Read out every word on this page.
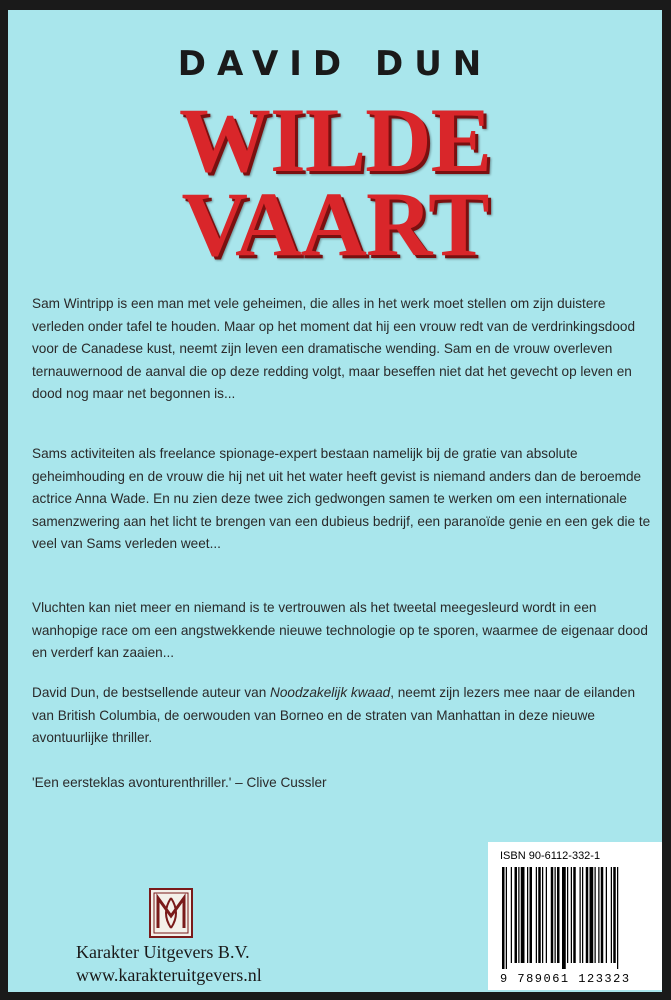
DAVID DUN
WILDE
VAART
Sam Wintripp is een man met vele geheimen, die alles in het werk moet stellen om zijn duistere verleden onder tafel te houden. Maar op het moment dat hij een vrouw redt van de verdrinkingsdood voor de Canadese kust, neemt zijn leven een dramatische wending. Sam en de vrouw overleven ternauwernood de aanval die op deze redding volgt, maar beseffen niet dat het gevecht op leven en dood nog maar net begonnen is...
Sams activiteiten als freelance spionage-expert bestaan namelijk bij de gratie van absolute geheimhouding en de vrouw die hij net uit het water heeft gevist is niemand anders dan de beroemde actrice Anna Wade. En nu zien deze twee zich gedwongen samen te werken om een internationale samenzwering aan het licht te brengen van een dubieus bedrijf, een paranoïde genie en een gek die te veel van Sams verleden weet...
Vluchten kan niet meer en niemand is te vertrouwen als het tweetal meegesleurd wordt in een wanhopige race om een angstwekkende nieuwe technologie op te sporen, waarmee de eigenaar dood en verderf kan zaaien...
David Dun, de bestsellende auteur van Noodzakelijk kwaad, neemt zijn lezers mee naar de eilanden van British Columbia, de oerwouden van Borneo en de straten van Manhattan in deze nieuwe avontuurlijke thriller.
'Een eersteklas avonturenthriller.' – Clive Cussler
Karakter Uitgevers B.V.
www.karakteruitgevers.nl
ISBN 90-6112-332-1
9 789061 123323
